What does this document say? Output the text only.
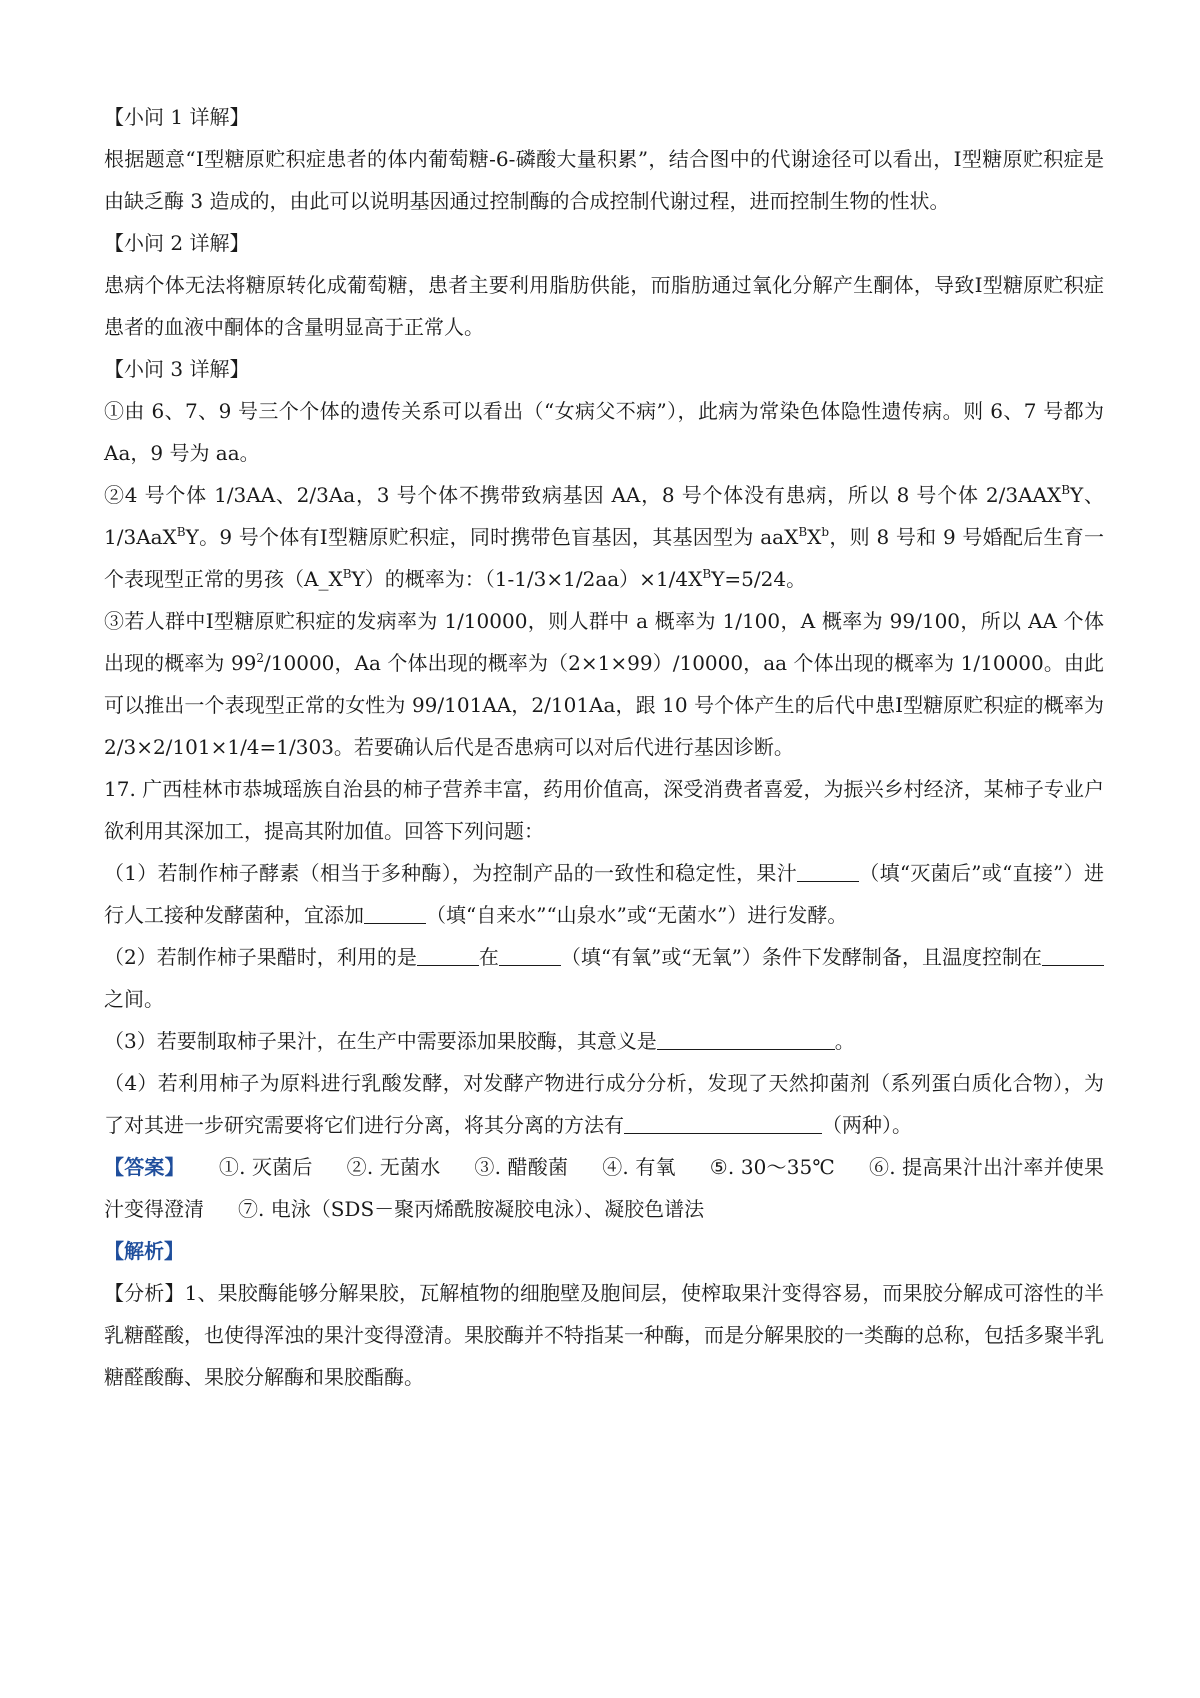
【小问 1 详解】

根据题意“Ⅰ型糖原贮积症患者的体内葡萄糖-6-磷酸大量积累”，结合图中的代谢途径可以看出，Ⅰ型糖原贮积症是由缺乏酶 3 造成的，由此可以说明基因通过控制酶的合成控制代谢过程，进而控制生物的性状。

【小问 2 详解】

患病个体无法将糖原转化成葡萄糖，患者主要利用脂肪供能，而脂肪通过氧化分解产生酮体，导致Ⅰ型糖原贮积症患者的血液中酮体的含量明显高于正常人。

【小问 3 详解】

①由 6、7、9 号三个个体的遗传关系可以看出（“女病父不病”），此病为常染色体隐性遗传病。则 6、7 号都为 Aa，9 号为 aa。

②4 号个体 1/3AA、2/3Aa，3 号个体不携带致病基因 AA，8 号个体没有患病，所以 8 号个体 $2/3AAX^BY$、1/3AaX$^B$Y。9 号个体有Ⅰ型糖原贮积症，同时携带色盲基因，其基因型为 $aaX^BX^b$，则 8 号和 9 号婚配后生育一个表现型正常的男孩$(A\_X^BY)$的概率为：$(1-1/3\times 1/2aa)\times 1/4X^BY=5/24$。

③若人群中Ⅰ型糖原贮积症的发病率为 1/10000，则人群中 a 概率为 1/100，A 概率为 99/100，所以 AA 个体出现的概率为 $99^2/10000$，Aa 个体出现的概率为（2×1×99）/10000，aa 个体出现的概率为 1/10000。由此可以推出一个表现型正常的女性为 99/101AA，2/101Aa，跟 10 号个体产生的后代中患Ⅰ型糖原贮积症的概率为 2/3×2/101×1/4=1/303。若要确认后代是否患病可以对后代进行基因诊断。

17. 广西桂林市恭城瑶族自治县的柿子营养丰富，药用价值高，深受消费者喜爱，为振兴乡村经济，某柿子专业户欲利用其深加工，提高其附加值。回答下列问题：

（1）若制作柿子酵素（相当于多种酶），为控制产品的一致性和稳定性，果汁	（填“灭菌后”或“直接”）进行人工接种发酵菌种，宜添加	（填“自来水”“山泉水”或“无菌水”）进行发酵。

（2）若制作柿子果醋时，利用的是	在	（填“有氧”或“无氧”）条件下发酵制备，且温度控制在之间。

（3）若要制取柿子果汁，在生产中需要添加果胶酶，其意义是	。

（4）若利用柿子为原料进行乳酸发酵，对发酵产物进行成分分析，发现了天然抑菌剂（系列蛋白质化合物），为了对其进一步研究需要将它们进行分离，将其分离的方法有	（两种）。

【答案】 ①. 灭菌后 ②. 无菌水 ③. 醋酸菌 ④. 有氧 ⑤. 30～35℃ ⑥. 提高果汁出汁率并使果汁变得澄清 ⑦. 电泳（SDS－聚丙烯酰胺凝胶电泳）、凝胶色谱法

【解析】

【分析】1、果胶酶能够分解果胶，瓦解植物的细胞壁及胞间层，使榨取果汁变得容易，而果胶分解成可溶性的半乳糖醛酸，也使得浑浊的果汁变得澄清。果胶酶并不特指某一种酶，而是分解果胶的一类酶的总称，包括多聚半乳糖醛酸酶、果胶分解酶和果胶酯酶。
